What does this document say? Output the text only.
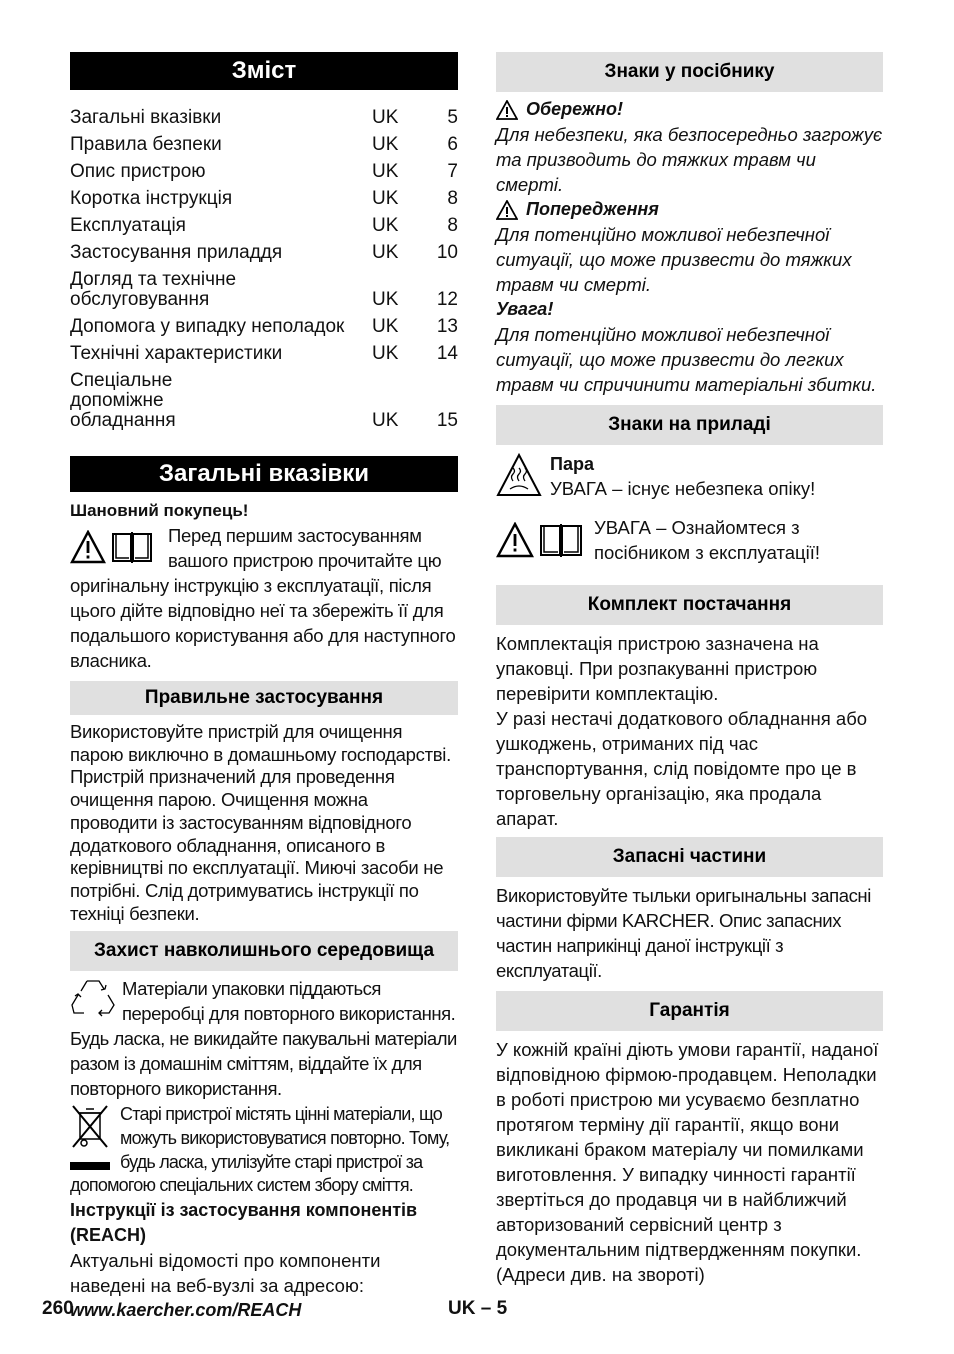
Зміст
Загальні вказівки	UK	5
Правила безпеки	UK	6
Опис пристрою	UK	7
Коротка інструкція	UK	8
Експлуатація	UK	8
Застосування приладдя	UK	10
Догляд та технічне обслуговування	UK	12
Допомога у випадку неполадок	UK	13
Технічні характеристики	UK	14
Спеціальне допоміжне обладнання	UK	15
Загальні вказівки

Шановний покупець!

Перед першим застосуванням вашого пристрою прочитайте цю оригінальну інструкцію з експлуатації, після цього дійте відповідно неї та збережіть її для подальшого користування або для наступного власника.

Правильне застосування

Використовуйте пристрій для очищення парою виключно в домашньому господарстві. Пристрій призначений для проведення очищення парою. Очищення можна проводити із застосуванням відповідного додаткового обладнання, описаного в керівництві по експлуатації. Миючі засоби не потрібні. Слід дотримуватись інструкції по техніці безпеки.

Захист навколишнього середовища

Матеріали упаковки піддаються переробці для повторного використання. Будь ласка, не викидайте пакувальні матеріали разом із домашнім сміттям, віддайте їх для повторного використання.

Старі пристрої містять цінні матеріали, що можуть використовуватися повторно. Тому, будь ласка, утилізуйте старі пристрої за допомогою спеціальних систем збору сміття.

Інструкції із застосування компонентів (REACH)

Актуальні відомості про компоненти наведені на веб-вузлі за адресою:

www.kaercher.com/REACH

Знаки у посібнику
Обережно!

Для небезпеки, яка безпосередньо загрожує та призводить до тяжких травм чи смерті.

Попередження

Для потенційно можливої небезпечної ситуації, що може призвести до тяжких травм чи смерті.

Увага!

Для потенційно можливої небезпечної ситуації, що може призвести до легких травм чи спричинити матеріальні збитки.

Знаки на приладі

Пара

УВАГА – існує небезпека опіку!

УВАГА – Ознайомтеся з посібником з експлуатації!

Комплект постачання

Комплектація пристрою зазначена на упаковці. При розпакуванні пристрою перевірити комплектацію.

У разі нестачі додаткового обладнання або ушкоджень, отриманих під час транспортування, слід повідомте про це в торговельну організацію, яка продала апарат.

Запасні частини

Використовуйте тыльки оригынальны запасні частини фірми KARCHER. Опис запасних частин наприкінці даної інструкції з експлуатації.

Гарантія

У кожній країні діють умови гарантії, наданої відповідною фірмою-продавцем. Неполадки в роботі пристрою ми усуваємо безплатно протягом терміну дії гарантії, якщо вони викликані браком матеріалу чи помилками виготовлення. У випадку чинності гарантії звертіться до продавця чи в найближчий авторизований сервісний центр з документальним підтвердженням покупки. (Адреси див. на звороті)

260	UK – 5
